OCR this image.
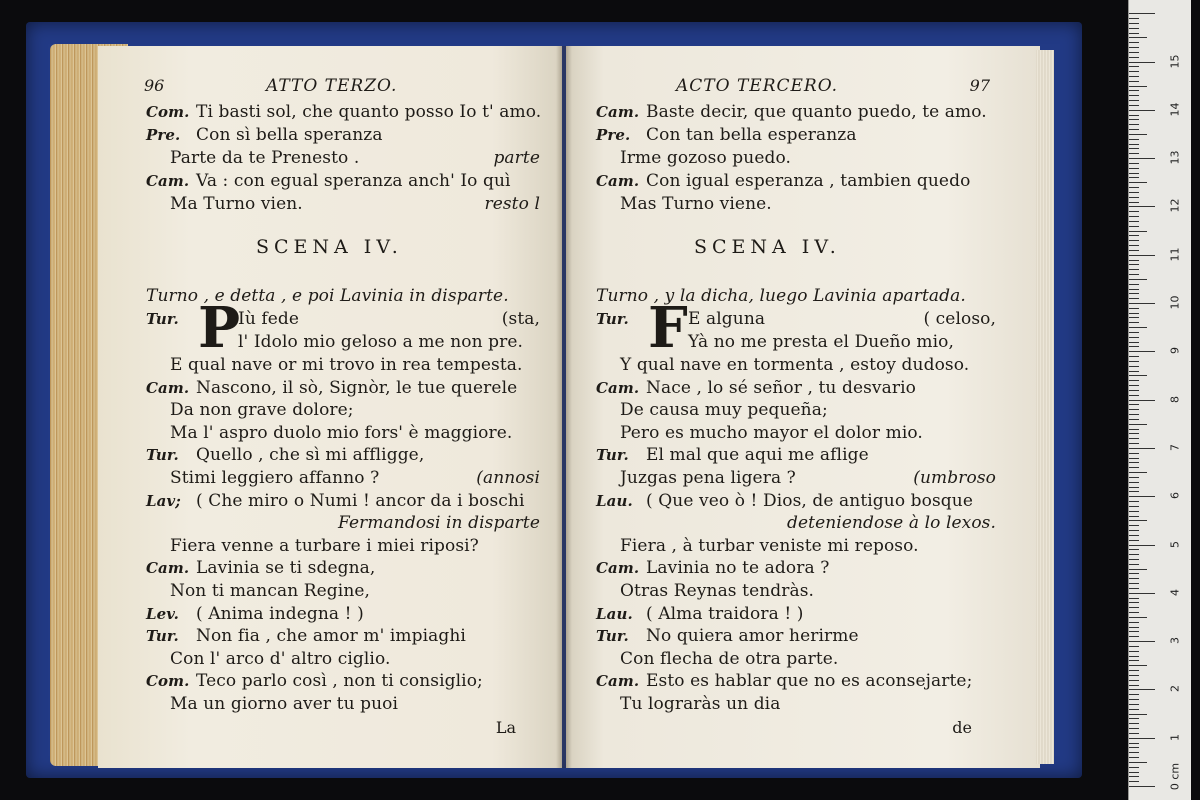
96	ATTO TERZO.
Com. Ti basti sol, che quanto posso Io t' amo.
Pre. Con sì bella speranza
Parte da te Prenesto .	parte
Cam. Va : con egual speranza anch' Io quì
Ma Turno vien.	resto l
SCENA IV.
Turno , e detta , e poi Lavinia in disparte.
Tur. P
Iù fede	(sta,
l' Idolo mio geloso a me non pre.
E qual nave or mi trovo in rea tempesta.
Cam. Nascono, il sò, Signòr, le tue querele
Da non grave dolore;
Ma l' aspro duolo mio fors' è maggiore.
Tur. Quello , che sì mi affligge,
Stimi leggiero affanno ?	(annosi
Lav; ( Che miro o Numi ! ancor da i boschi
Fermandosi in disparte
Fiera venne a turbare i miei riposi?
Cam. Lavinia se ti sdegna,
Non ti mancan Regine,
Lev. ( Anima indegna ! )
Tur. Non fia , che amor m' impiaghi
Con l' arco d' altro ciglio.
Com. Teco parlo così , non ti consiglio;
Ma un giorno aver tu puoi
La
97
ACTO TERCERO.
Cam. Baste decir, que quanto puedo, te amo.
Pre. Con tan bella esperanza
Irme gozoso puedo.
Cam. Con igual esperanza , tambien quedo
Mas Turno viene.
SCENA IV.
Turno , y la dicha, luego Lavinia apartada.
Tur. F E alguna	( celoso,
Yà no me presta el Dueño mio,
Y qual nave en tormenta , estoy dudoso.
Cam. Nace , lo sé señor , tu desvario
De causa muy pequeña;
Pero es mucho mayor el dolor mio.
Tur. El mal que aqui me aflige
Juzgas pena ligera ?	(umbroso
Lau. ( Que veo ò ! Dios, de antiguo bosque
deteniendose à lo lexos.
Fiera , à turbar veniste mi reposo.
Cam. Lavinia no te adora ?
Otras Reynas tendràs.
Lau. ( Alma traidora ! )
Tur. No quiera amor herirme
Con flecha de otra parte.
Cam. Esto es hablar que no es aconsejarte;
Tu lograràs un dia
de
15
14
13
12
11
10
9
8
7
6
5
4
3
2
1
0 cm
